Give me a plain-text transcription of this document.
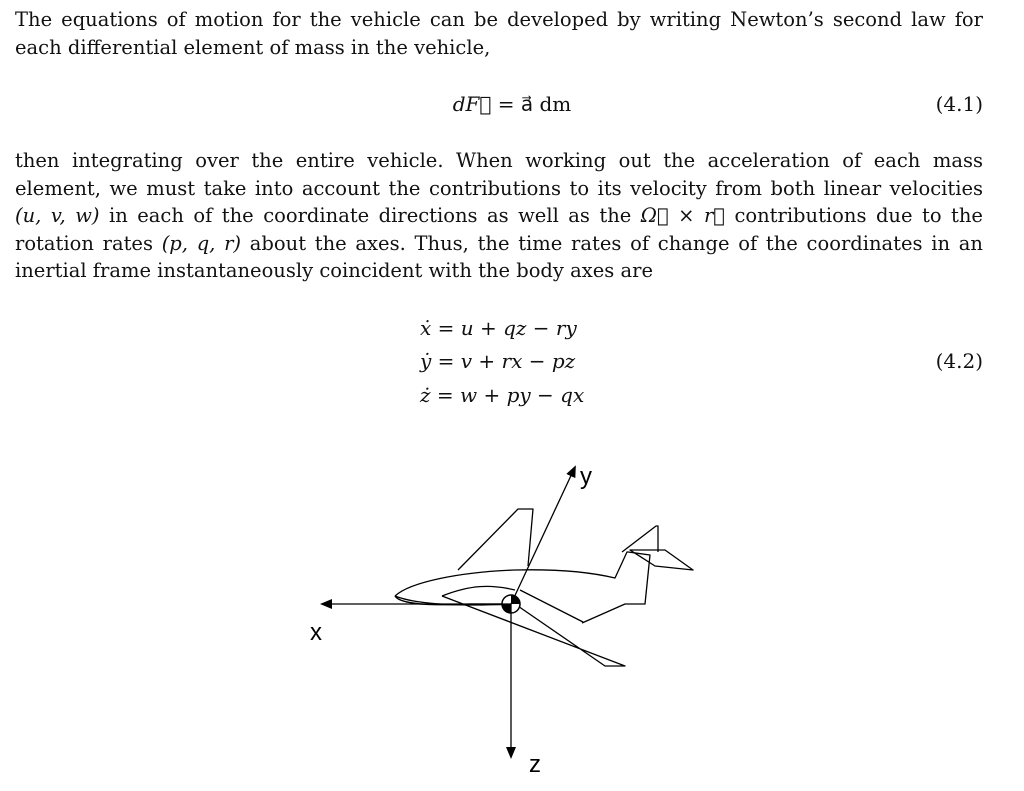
The equations of motion for the vehicle can be developed by writing Newton’s second law for each differential element of mass in the vehicle,

dF⃗ = a⃗ dm	(4.1)

then integrating over the entire vehicle. When working out the acceleration of each mass element, we must take into account the contributions to its velocity from both linear velocities (u, v, w) in each of the coordinate directions as well as the Ω⃗ × r⃗ contributions due to the rotation rates (p, q, r) about the axes. Thus, the time rates of change of the coordinates in an inertial frame instantaneously coincident with the body axes are

ẋ = u + qz − ry
ẏ = v + rx − pz	(4.2)
ż = w + py − qx
x
y
z
